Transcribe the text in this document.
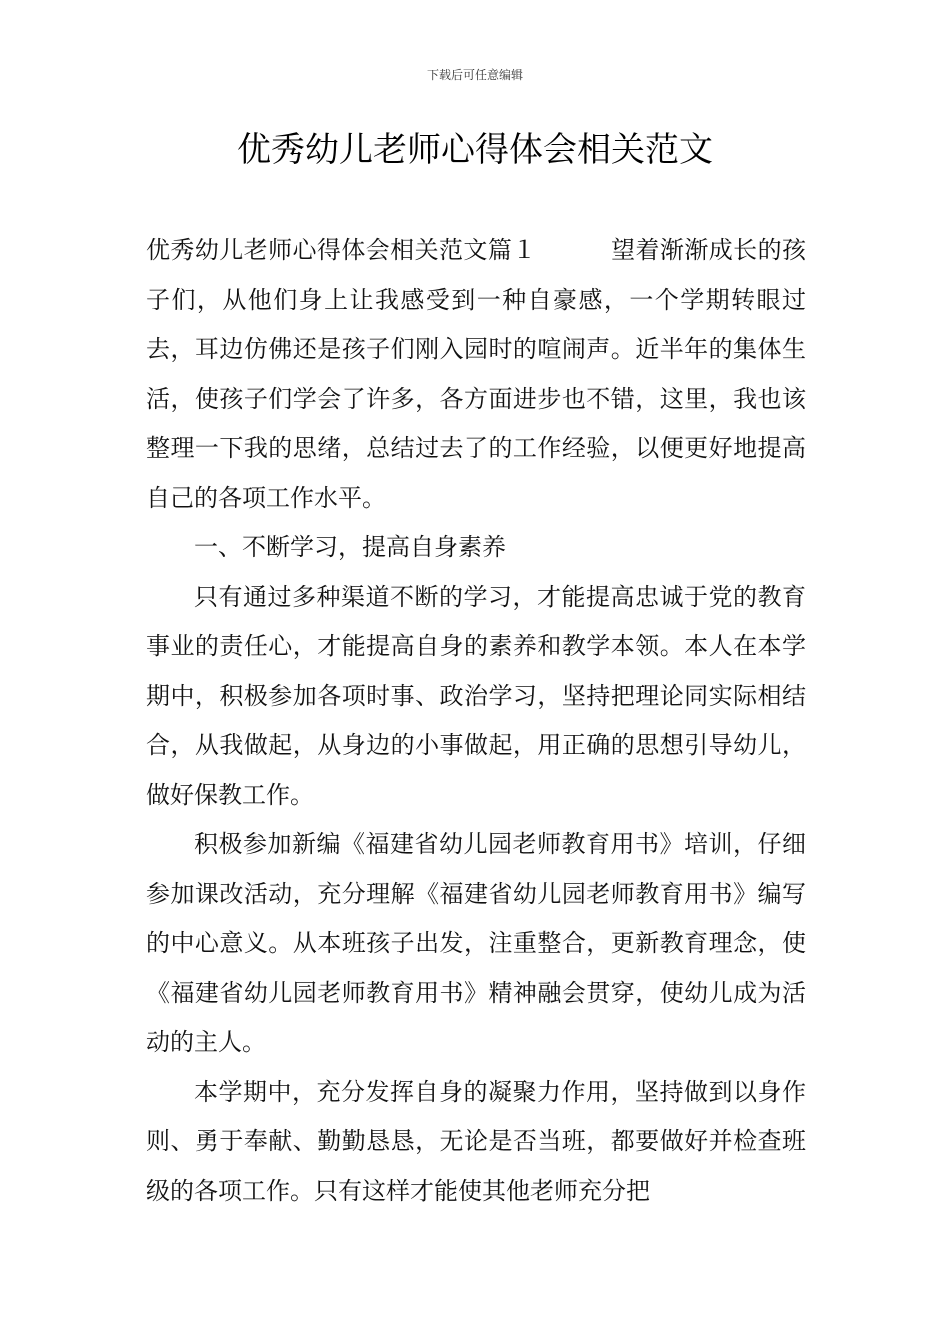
下载后可任意编辑
优秀幼儿老师心得体会相关范文

优秀幼儿老师心得体会相关范文篇１	望着渐渐成长的孩子们，从他们身上让我感受到一种自豪感，一个学期转眼过去，耳边仿佛还是孩子们刚入园时的喧闹声。近半年的集体生活，使孩子们学会了许多，各方面进步也不错，这里，我也该整理一下我的思绪，总结过去了的工作经验，以便更好地提高自己的各项工作水平。

一、不断学习，提高自身素养

只有通过多种渠道不断的学习，才能提高忠诚于党的教育事业的责任心，才能提高自身的素养和教学本领。本人在本学期中，积极参加各项时事、政治学习，坚持把理论同实际相结合，从我做起，从身边的小事做起，用正确的思想引导幼儿，做好保教工作。

积极参加新编《福建省幼儿园老师教育用书》培训，仔细参加课改活动，充分理解《福建省幼儿园老师教育用书》编写的中心意义。从本班孩子出发，注重整合，更新教育理念，使《福建省幼儿园老师教育用书》精神融会贯穿，使幼儿成为活动的主人。

本学期中，充分发挥自身的凝聚力作用，坚持做到以身作则、勇于奉献、勤勤恳恳，无论是否当班，都要做好并检查班级的各项工作。只有这样才能使其他老师充分把
